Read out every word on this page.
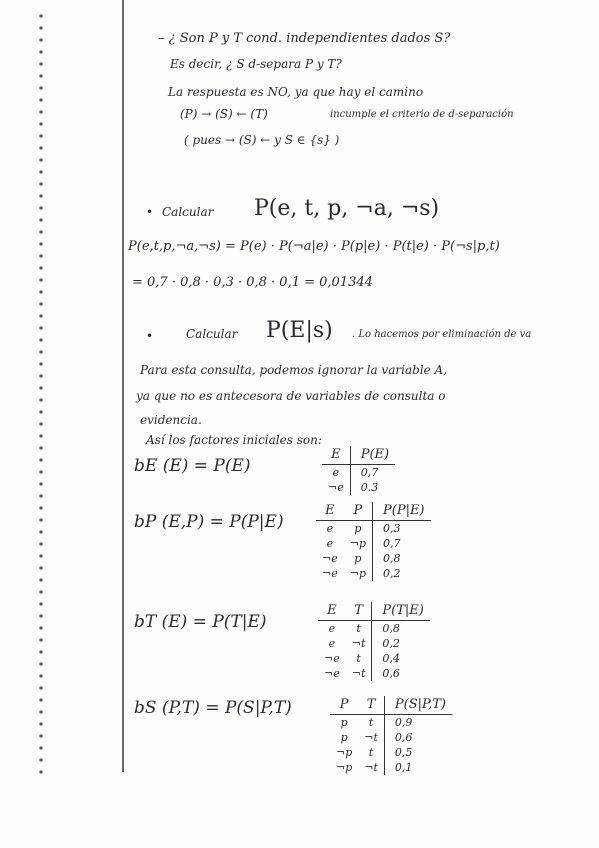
– ¿ Son P y T cond. independientes dados S?
Es decir, ¿ S d-separa P y T?
La respuesta es NO, ya que hay el camino
(P) → (S) ← (T)	incumple el criterio de d-separación
( pues → (S) ← y S ∈ {s} )
• Calcular P(e, t, p, ¬a, ¬s)
P(e,t,p,¬a,¬s) = P(e) · P(¬a|e) · P(p|e) · P(t|e) · P(¬s|p,t)
= 0,7 · 0,8 · 0,3 · 0,8 · 0,1 = 0,01344
•	Calcular P(E|s) . Lo hacemos por eliminación de va
Para esta consulta, podemos ignorar la variable A,
ya que no es antecesora de variables de consulta o
evidencia.
Así los factores iniciales son:
bE (E) = P(E)
E	P(E)
e	0,7
¬e	0.3
bP (E,P) = P(P|E)
E	P	P(P|E)
e	p	0,3
e	¬p	0,7
¬e	p	0,8
¬e	¬p	0,2
bT (E) = P(T|E)
E	T	P(T|E)
e	t	0,8
e	¬t	0,2
¬e	t	0,4
¬e	¬t	0,6
bS (P,T) = P(S|P,T)	P	T	P(S|P,T)
p	t	0,9
p	¬t	0,6
¬p	t	0,5
¬p	¬t	0,1
